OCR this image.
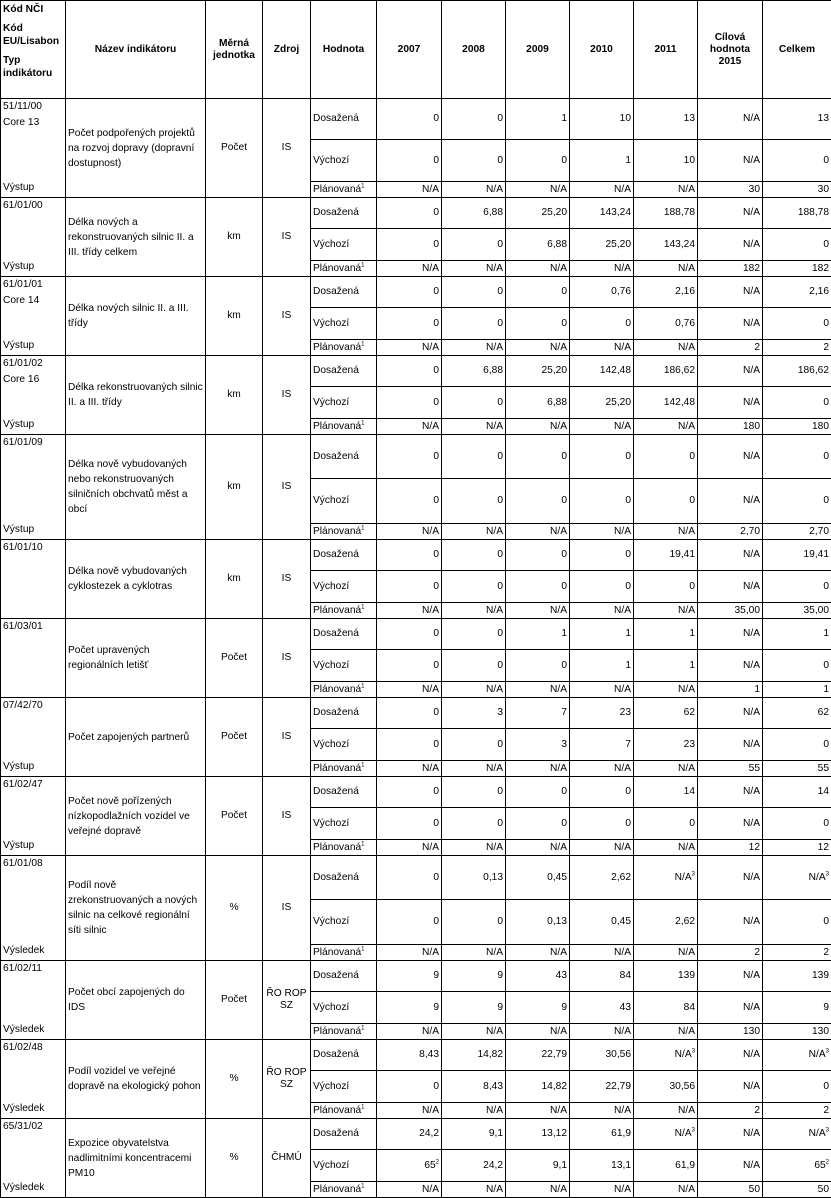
Kód NČI
Kód EU/Lisabon
Typ indikátoru	Název indikátoru	Měrná jednotka	Zdroj	Hodnota	2007	2008	2009	2010	2011	Cílová hodnota 2015	Celkem

51/11/00
Core 13
Výstup	Počet podpořených projektů na rozvoj dopravy (dopravní dostupnost)	Počet	IS	Dosažená	0	0	1	10	13	N/A	13
				Výchozí	0	0	0	1	10	N/A	0
				Plánovaná$^1$	N/A	N/A	N/A	N/A	N/A	30	30

61/01/00
Výstup	Délka nových a rekonstruovaných silnic II. a III. třídy celkem	km	IS	Dosažená	0	6,88	25,20	143,24	188,78	N/A	188,78
				Výchozí	0	0	6,88	25,20	143,24	N/A	0
				Plánovaná$^1$	N/A	N/A	N/A	N/A	N/A	182	182

61/01/01
Core 14
Výstup	Délka nových silnic II. a III. třídy	km	IS	Dosažená	0	0	0	0,76	2,16	N/A	2,16
				Výchozí	0	0	0	0	0,76	N/A	0
				Plánovaná$^1$	N/A	N/A	N/A	N/A	N/A	2	2

61/01/02
Core 16
Výstup	Délka rekonstruovaných silnic II. a III. třídy	km	IS	Dosažená	0	6,88	25,20	142,48	186,62	N/A	186,62
				Výchozí	0	0	6,88	25,20	142,48	N/A	0
				Plánovaná$^1$	N/A	N/A	N/A	N/A	N/A	180	180

61/01/09
Výstup	Délka nově vybudovaných nebo rekonstruovaných silničních obchvatů měst a obcí	km	IS	Dosažená	0	0	0	0	0	N/A	0
				Výchozí	0	0	0	0	0	N/A	0
				Plánovaná$^1$	N/A	N/A	N/A	N/A	N/A	2,70	2,70

61/01/10	Délka nově vybudovaných cyklostezek a cyklotras	km	IS	Dosažená	0	0	0	0	19,41	N/A	19,41
				Výchozí	0	0	0	0	0	N/A	0
				Plánovaná$^1$	N/A	N/A	N/A	N/A	N/A	35,00	35,00

61/03/01	Počet upravených regionálních letišť	Počet	IS	Dosažená	0	0	1	1	1	N/A	1
				Výchozí	0	0	0	1	1	N/A	0
				Plánovaná$^1$	N/A	N/A	N/A	N/A	N/A	1	1

07/42/70
Výstup	Počet zapojených partnerů	Počet	IS	Dosažená	0	3	7	23	62	N/A	62
				Výchozí	0	0	3	7	23	N/A	0
				Plánovaná$^1$	N/A	N/A	N/A	N/A	N/A	55	55

61/02/47
Výstup	Počet nově pořízených nízkopodlažních vozidel ve veřejné dopravě	Počet	IS	Dosažená	0	0	0	0	14	N/A	14
				Výchozí	0	0	0	0	0	N/A	0
				Plánovaná$^1$	N/A	N/A	N/A	N/A	N/A	12	12

61/01/08
Výsledek	Podíl nově zrekonstruovaných a nových silnic na celkové regionální síti silnic	%	IS	Dosažená	0	0,13	0,45	2,62	$N/A^3$	N/A	$N/A^3$
				Výchozí	0	0	0,13	0,45	2,62	N/A	0
				Plánovaná$^1$	N/A	N/A	N/A	N/A	N/A	2	2

61/02/11
Výsledek	Počet obcí zapojených do IDS	Počet	ŘO ROP SZ	Dosažená	9	9	43	84	139	N/A	139
				Výchozí	9	9	9	43	84	N/A	9
				Plánovaná$^1$	N/A	N/A	N/A	N/A	N/A	130	130

61/02/48
Výsledek	Podíl vozidel ve veřejné dopravě na ekologický pohon	%	ŘO ROP SZ	Dosažená	8,43	14,82	22,79	30,56	$N/A^3$	N/A	$N/A^3$
				Výchozí	0	8,43	14,82	22,79	30,56	N/A	0
				Plánovaná$^1$	N/A	N/A	N/A	N/A	N/A	2	2

65/31/02
Výsledek	Expozice obyvatelstva nadlimitními koncentracemi PM10	%	ČHMÚ	Dosažená	24,2	9,1	13,12	61,9	$N/A^3$	N/A	$N/A^3$
				Výchozí	$65^2$	24,2	9,1	13,1	61,9	N/A	$65^2$
				Plánovaná$^1$	N/A	N/A	N/A	N/A	N/A	50	50
